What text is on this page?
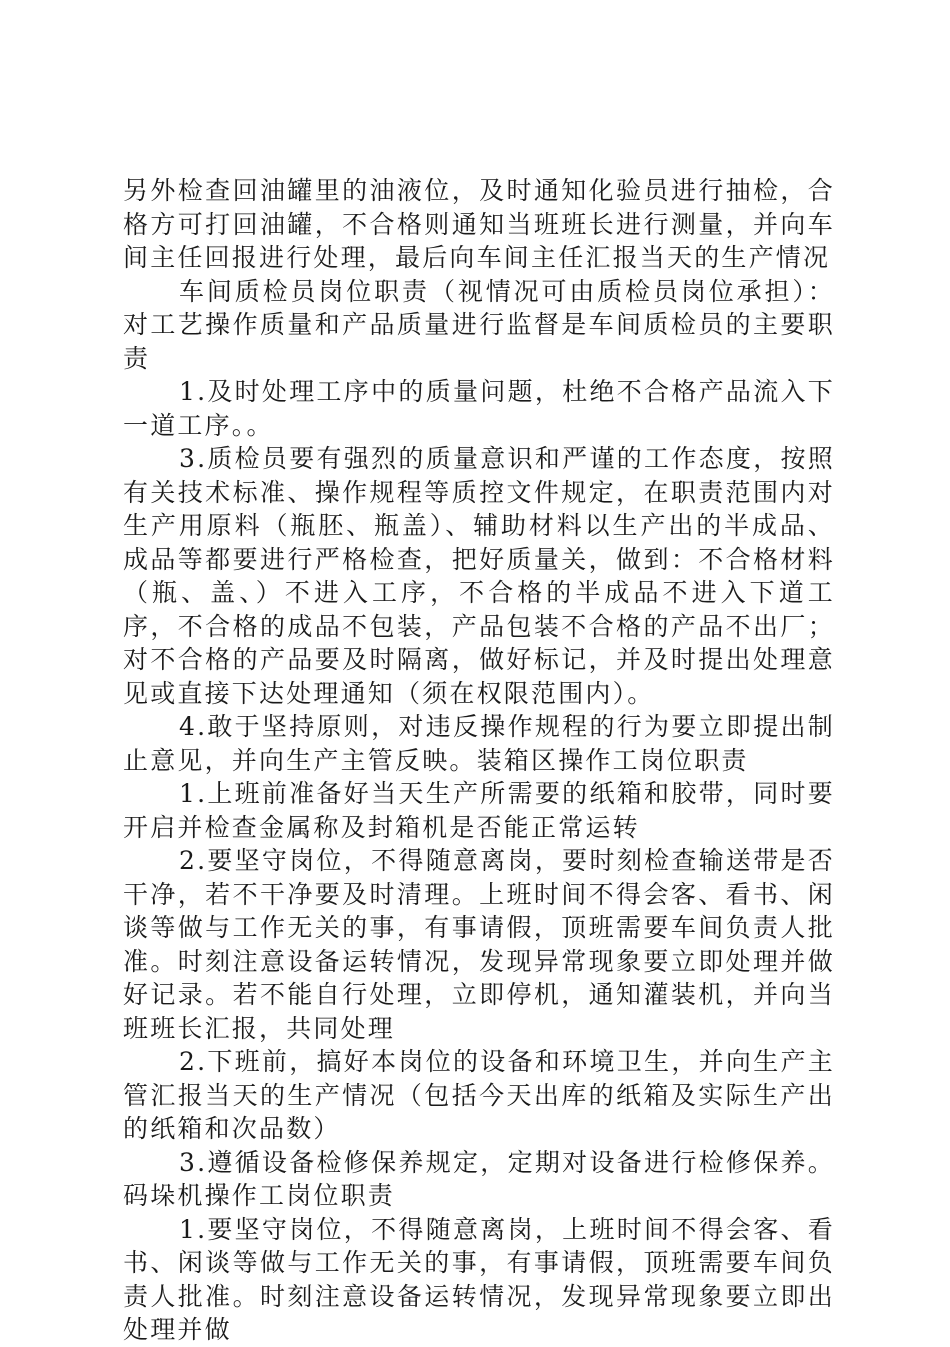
另外检查回油罐里的油液位，及时通知化验员进行抽检，合格方可打回油罐，不合格则通知当班班长进行测量，并向车间主任回报进行处理，最后向车间主任汇报当天的生产情况

车间质检员岗位职责（视情况可由质检员岗位承担）：对工艺操作质量和产品质量进行监督是车间质检员的主要职责

1.及时处理工序中的质量问题，杜绝不合格产品流入下一道工序。。

3.质检员要有强烈的质量意识和严谨的工作态度，按照有关技术标准、操作规程等质控文件规定，在职责范围内对生产用原料（瓶胚、瓶盖）、辅助材料以生产出的半成品、成品等都要进行严格检查，把好质量关，做到：不合格材料（瓶、盖、）不进入工序，不合格的半成品不进入下道工序，不合格的成品不包装，产品包装不合格的产品不出厂；对不合格的产品要及时隔离，做好标记，并及时提出处理意见或直接下达处理通知（须在权限范围内）。

4.敢于坚持原则，对违反操作规程的行为要立即提出制止意见，并向生产主管反映。装箱区操作工岗位职责

1.上班前准备好当天生产所需要的纸箱和胶带，同时要开启并检查金属称及封箱机是否能正常运转

2.要坚守岗位，不得随意离岗，要时刻检查输送带是否干净，若不干净要及时清理。上班时间不得会客、看书、闲谈等做与工作无关的事，有事请假，顶班需要车间负责人批准。时刻注意设备运转情况，发现异常现象要立即处理并做好记录。若不能自行处理，立即停机，通知灌装机，并向当班班长汇报，共同处理

2.下班前，搞好本岗位的设备和环境卫生，并向生产主管汇报当天的生产情况（包括今天出库的纸箱及实际生产出的纸箱和次品数）

3.遵循设备检修保养规定，定期对设备进行检修保养。码垛机操作工岗位职责

1.要坚守岗位，不得随意离岗，上班时间不得会客、看书、闲谈等做与工作无关的事，有事请假，顶班需要车间负责人批准。时刻注意设备运转情况，发现异常现象要立即出处理并做
